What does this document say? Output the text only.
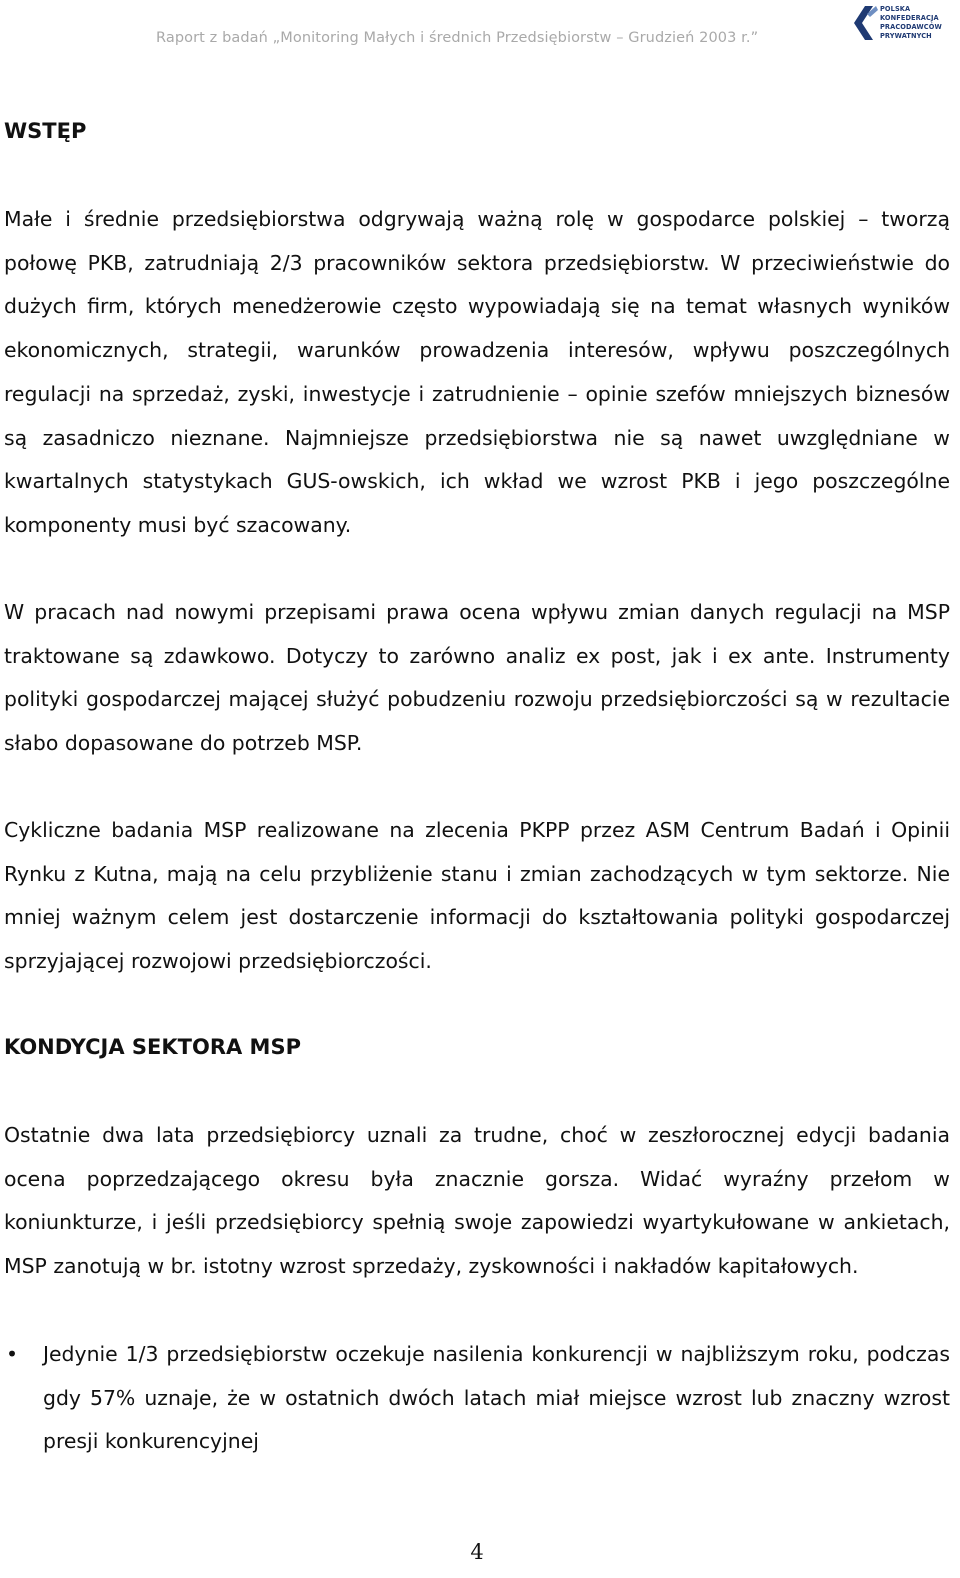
Raport z badań „Monitoring Małych i średnich Przedsiębiorstw – Grudzień 2003 r.”
POLSKA
KONFEDERACJA
PRACODAWCÓW
PRYWATNYCH
WSTĘP

Małe i średnie przedsiębiorstwa odgrywają ważną rolę w gospodarce polskiej – tworzą połowę PKB, zatrudniają 2/3 pracowników sektora przedsiębiorstw. W przeciwieństwie do dużych firm, których menedżerowie często wypowiadają się na temat własnych wyników ekonomicznych, strategii, warunków prowadzenia interesów, wpływu poszczególnych regulacji na sprzedaż, zyski, inwestycje i zatrudnienie – opinie szefów mniejszych biznesów są zasadniczo nieznane. Najmniejsze przedsiębiorstwa nie są nawet uwzględniane w kwartalnych statystykach GUS-owskich, ich wkład we wzrost PKB i jego poszczególne komponenty musi być szacowany.

W pracach nad nowymi przepisami prawa ocena wpływu zmian danych regulacji na MSP traktowane są zdawkowo. Dotyczy to zarówno analiz ex post, jak i ex ante. Instrumenty polityki gospodarczej mającej służyć pobudzeniu rozwoju przedsiębiorczości są w rezultacie słabo dopasowane do potrzeb MSP.

Cykliczne badania MSP realizowane na zlecenia PKPP przez ASM Centrum Badań i Opinii Rynku z Kutna, mają na celu przybliżenie stanu i zmian zachodzących w tym sektorze. Nie mniej ważnym celem jest dostarczenie informacji do kształtowania polityki gospodarczej sprzyjającej rozwojowi przedsiębiorczości.

KONDYCJA SEKTORA MSP

Ostatnie dwa lata przedsiębiorcy uznali za trudne, choć w zeszłorocznej edycji badania ocena poprzedzającego okresu była znacznie gorsza. Widać wyraźny przełom w koniunkturze, i jeśli przedsiębiorcy spełnią swoje zapowiedzi wyartykułowane w ankietach, MSP zanotują w br. istotny wzrost sprzedaży, zyskowności i nakładów kapitałowych.

• Jedynie 1/3 przedsiębiorstw oczekuje nasilenia konkurencji w najbliższym roku, podczas gdy 57% uznaje, że w ostatnich dwóch latach miał miejsce wzrost lub znaczny wzrost presji konkurencyjnej
4
